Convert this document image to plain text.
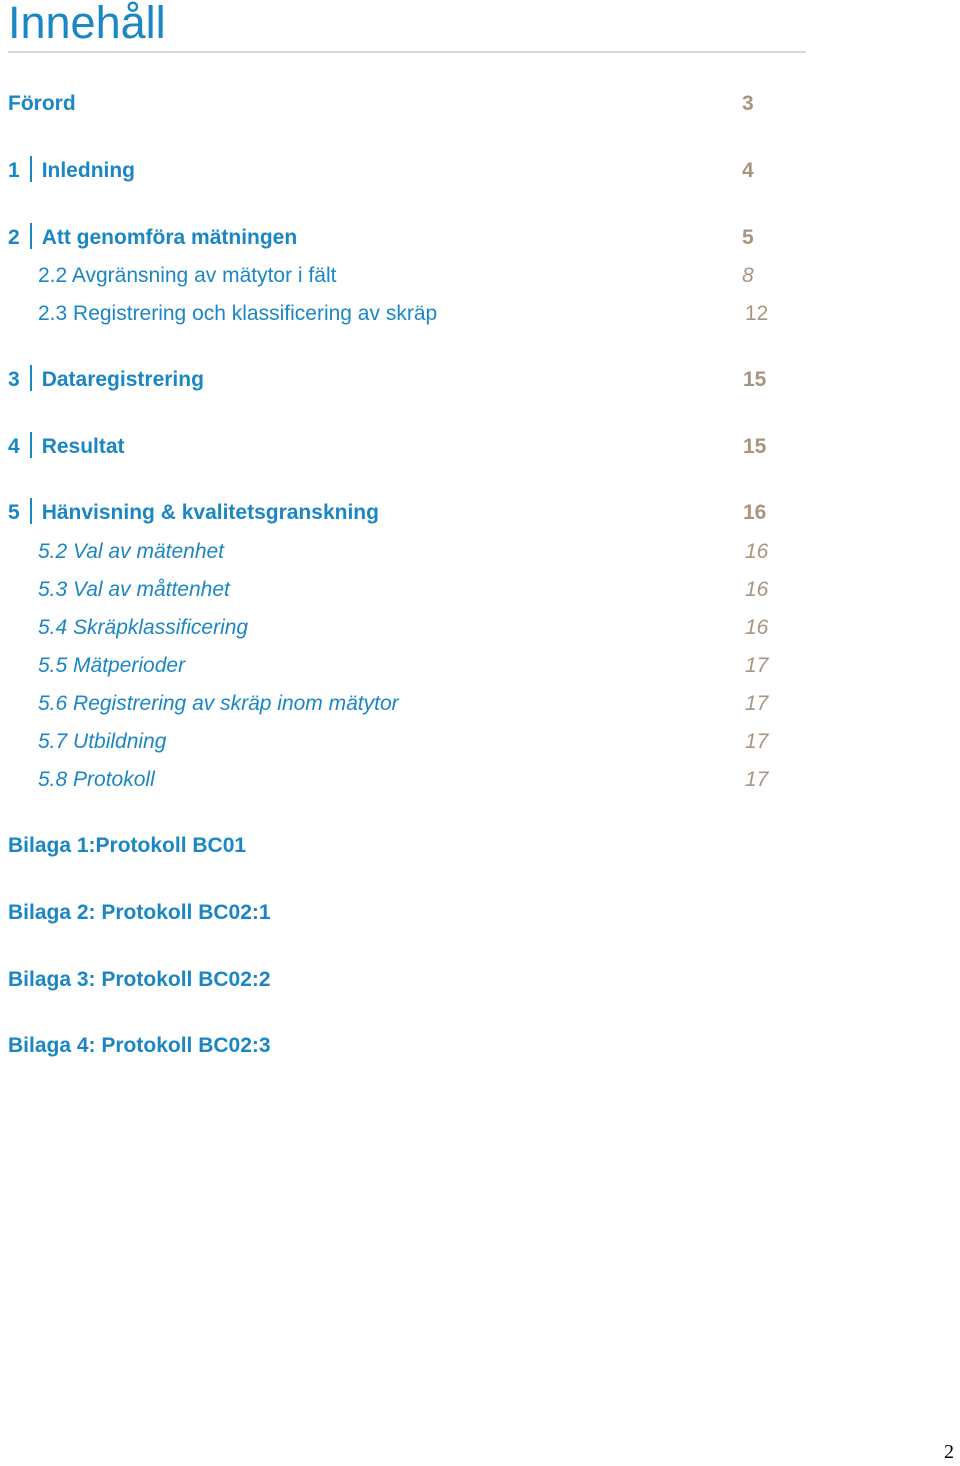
Innehåll
Förord	3
1 Inledning	4
2 Att genomföra mätningen	5
2.2 Avgränsning av mätytor i fält	8
2.3 Registrering och klassificering av skräp	12
3 Dataregistrering	15
4 Resultat	15
5 Hänvisning & kvalitetsgranskning	16
5.2 Val av mätenhet	16
5.3 Val av måttenhet	16
5.4 Skräpklassificering	16
5.5 Mätperioder	17
5.6 Registrering av skräp inom mätytor	17
5.7 Utbildning	17
5.8 Protokoll	17
Bilaga 1:Protokoll BC01
Bilaga 2: Protokoll BC02:1
Bilaga 3: Protokoll BC02:2
Bilaga 4: Protokoll BC02:3
2
